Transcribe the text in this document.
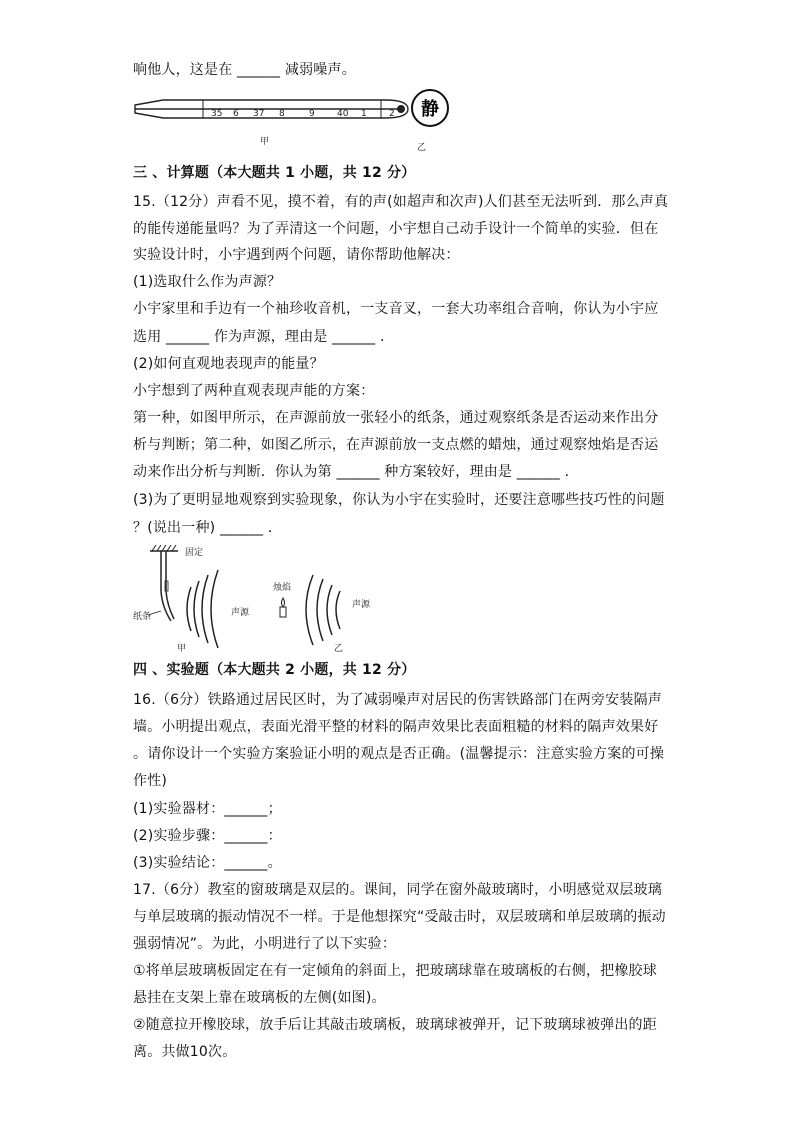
响他人，这是在 ______ 减弱噪声。
35 6 37 8	9 40 1 2 静
甲
乙
三 、计算题（本大题共 1 小题，共 12 分）
15.（12分）声看不见，摸不着，有的声(如超声和次声)人们甚至无法听到．那么声真
的能传递能量吗？为了弄清这一个问题，小宇想自己动手设计一个简单的实验．但在
实验设计时，小宇遇到两个问题，请你帮助他解决：
(1)选取什么作为声源？
小宇家里和手边有一个袖珍收音机，一支音叉，一套大功率组合音响，你认为小宇应
选用 ______ 作为声源，理由是 ______ ．
(2)如何直观地表现声的能量？
小宇想到了两种直观表现声能的方案：
第一种，如图甲所示，在声源前放一张轻小的纸条，通过观察纸条是否运动来作出分
析与判断；第二种，如图乙所示，在声源前放一支点燃的蜡烛，通过观察烛焰是否运
动来作出分析与判断．你认为第 ______ 种方案较好，理由是 ______ ．
(3)为了更明显地观察到实验现象，你认为小宇在实验时，还要注意哪些技巧性的问题
？(说出一种) ______ ．
固定
纸条	声源
甲
烛焰
声源
乙
四 、实验题（本大题共 2 小题，共 12 分）
16.（6分）铁路通过居民区时，为了减弱噪声对居民的伤害铁路部门在两旁安装隔声
墙。小明提出观点，表面光滑平整的材料的隔声效果比表面粗糙的材料的隔声效果好
。请你设计一个实验方案验证小明的观点是否正确。(温馨提示：注意实验方案的可操
作性)
(1)实验器材：______；
(2)实验步骤：______：
(3)实验结论：______。
17.（6分）教室的窗玻璃是双层的。课间，同学在窗外敲玻璃时，小明感觉双层玻璃
与单层玻璃的振动情况不一样。于是他想探究“受敲击时，双层玻璃和单层玻璃的振动
强弱情况”。为此，小明进行了以下实验：
①将单层玻璃板固定在有一定倾角的斜面上，把玻璃球靠在玻璃板的右侧，把橡胶球
悬挂在支架上靠在玻璃板的左侧(如图)。
②随意拉开橡胶球，放手后让其敲击玻璃板，玻璃球被弹开，记下玻璃球被弹出的距
离。共做10次。
